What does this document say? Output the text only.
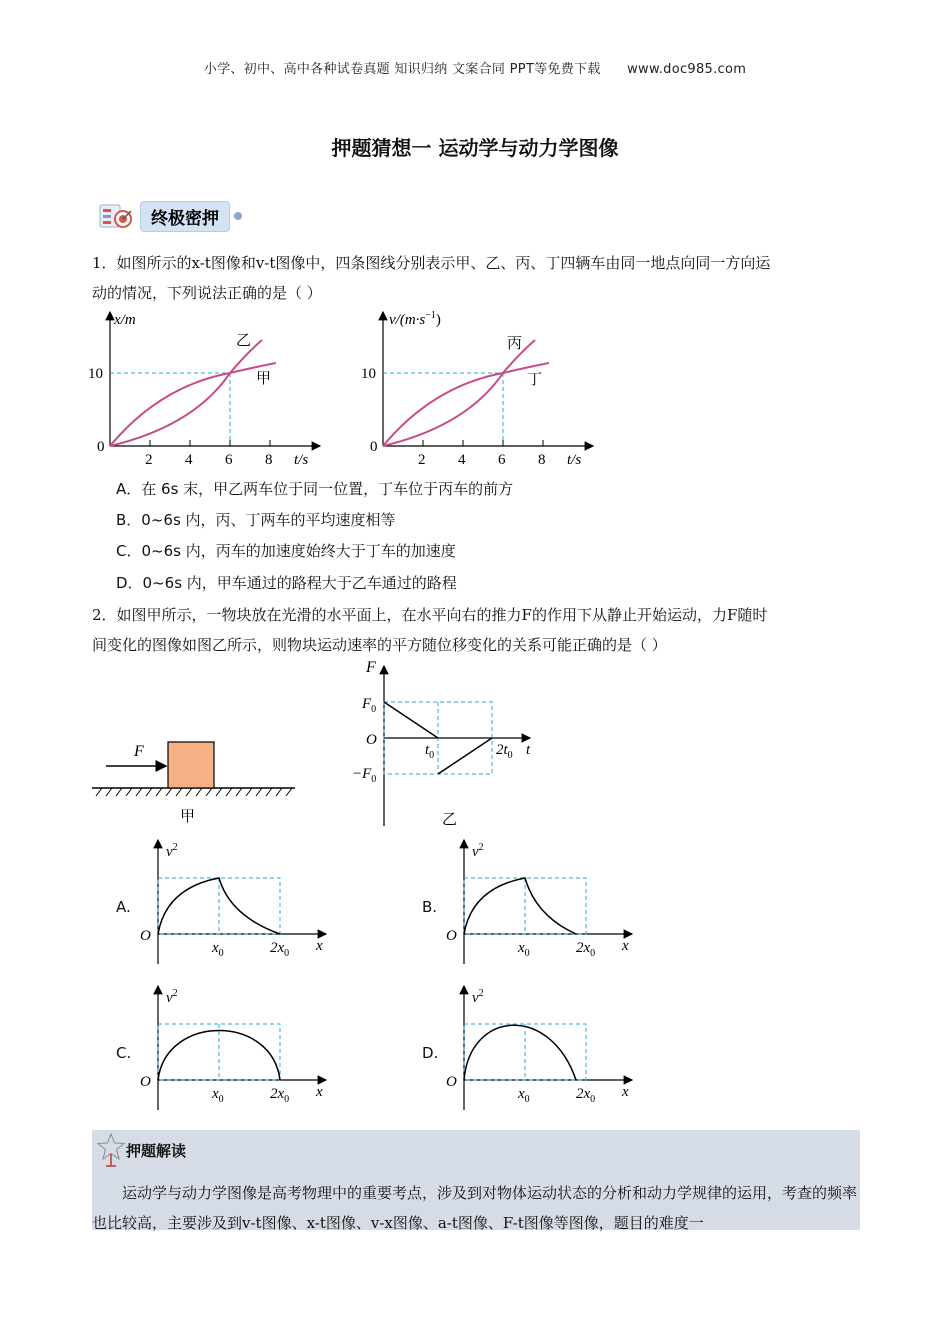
小学、初中、高中各种试卷真题 知识归纳 文案合同 PPT等免费下载 www.doc985.com
押题猜想一 运动学与动力学图像
终极密押
1．如图所示的x-t图像和v-t图像中，四条图线分别表示甲、乙、丙、丁四辆车由同一地点向同一方向运
动的情况，下列说法正确的是（ ）
x/m
t/s
0
10
2 4 6 8
乙
甲
$v/(m\cdot s^{-1})$
t/s
0
10
2 4 6 8
丙
丁
A．在 6s 末，甲乙两车位于同一位置，丁车位于丙车的前方
B．0~6s 内，丙、丁两车的平均速度相等
C．0~6s 内，丙车的加速度始终大于丁车的加速度
D．0~6s 内，甲车通过的路程大于乙车通过的路程
2．如图甲所示，一物块放在光滑的水平面上，在水平向右的推力F的作用下从静止开始运动，力F随时
间变化的图像如图乙所示，则物块运动速率的平方随位移变化的关系可能正确的是（ ）
F
甲
F
$F_0$
O
$-F_0$
$t_0$	$2t_0$ t
乙
A.	B.
C.	D.
$v^2$
O
$x_0$	$2x_0$ x
$v^2$
O
$x_0$	$2x_0$ x
$v^2$
O
$x_0$	$2x_0$ x
$v^2$
O
$x_0$	$2x_0$ x
押题解读
运动学与动力学图像是高考物理中的重要考点，涉及到对物体运动状态的分析和动力学规律的运用，考查的频率也比较高，主要涉及到v-t图像、x-t图像、v-x图像、a-t图像、F-t图像等图像，题目的难度一
